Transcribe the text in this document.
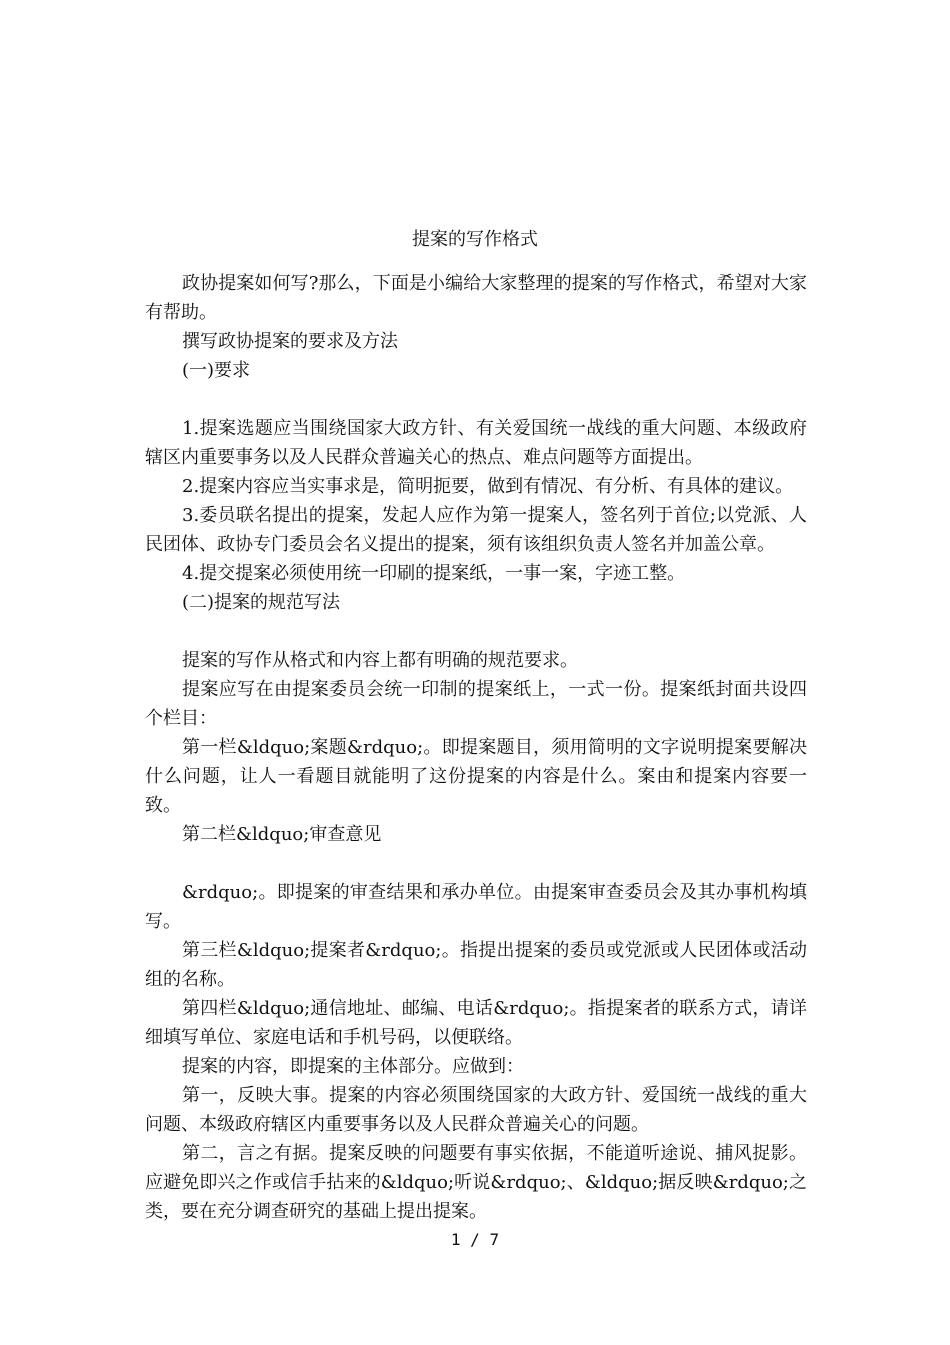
提案的写作格式

政协提案如何写?那么，下面是小编给大家整理的提案的写作格式，希望对大家有帮助。

撰写政协提案的要求及方法

(一)要求

1.提案选题应当围绕国家大政方针、有关爱国统一战线的重大问题、本级政府辖区内重要事务以及人民群众普遍关心的热点、难点问题等方面提出。

2.提案内容应当实事求是，简明扼要，做到有情况、有分析、有具体的建议。

3.委员联名提出的提案，发起人应作为第一提案人，签名列于首位;以党派、人民团体、政协专门委员会名义提出的提案，须有该组织负责人签名并加盖公章。

4.提交提案必须使用统一印刷的提案纸，一事一案，字迹工整。

(二)提案的规范写法

提案的写作从格式和内容上都有明确的规范要求。

提案应写在由提案委员会统一印制的提案纸上，一式一份。提案纸封面共设四个栏目：

第一栏&ldquo;案题&rdquo;。即提案题目，须用简明的文字说明提案要解决什么问题，让人一看题目就能明了这份提案的内容是什么。案由和提案内容要一致。

第二栏&ldquo;审查意见

&rdquo;。即提案的审查结果和承办单位。由提案审查委员会及其办事机构填写。

第三栏&ldquo;提案者&rdquo;。指提出提案的委员或党派或人民团体或活动组的名称。

第四栏&ldquo;通信地址、邮编、电话&rdquo;。指提案者的联系方式，请详细填写单位、家庭电话和手机号码，以便联络。

提案的内容，即提案的主体部分。应做到：

第一，反映大事。提案的内容必须围绕国家的大政方针、爱国统一战线的重大问题、本级政府辖区内重要事务以及人民群众普遍关心的问题。

第二，言之有据。提案反映的问题要有事实依据，不能道听途说、捕风捉影。应避免即兴之作或信手拈来的&ldquo;听说&rdquo;、&ldquo;据反映&rdquo;之类，要在充分调查研究的基础上提出提案。

1 / 7
